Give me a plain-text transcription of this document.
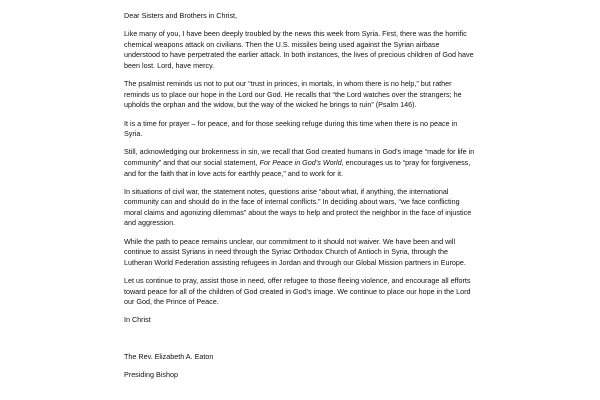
Dear Sisters and Brothers in Christ,

Like many of you, I have been deeply troubled by the news this week from Syria. First, there was the horrific chemical weapons attack on civilians. Then the U.S. missiles being used against the Syrian airbase understood to have perpetrated the earlier attack. In both instances, the lives of precious children of God have been lost. Lord, have mercy.

The psalmist reminds us not to put our “trust in princes, in mortals, in whom there is no help,” but rather reminds us to place our hope in the Lord our God. He recalls that “the Lord watches over the strangers; he upholds the orphan and the widow, but the way of the wicked he brings to ruin” (Psalm 146).

It is a time for prayer – for peace, and for those seeking refuge during this time when there is no peace in Syria.

Still, acknowledging our brokenness in sin, we recall that God created humans in God’s image “made for life in community” and that our social statement, For Peace in God’s World, encourages us to “pray for forgiveness, and for the faith that in love acts for earthly peace,” and to work for it.

In situations of civil war, the statement notes, questions arise “about what, if anything, the international community can and should do in the face of internal conflicts.” In deciding about wars, “we face conflicting moral claims and agonizing dilemmas” about the ways to help and protect the neighbor in the face of injustice and aggression.

While the path to peace remains unclear, our commitment to it should not waiver. We have been and will continue to assist Syrians in need through the Syriac Orthodox Church of Antioch in Syria, through the Lutheran World Federation assisting refugees in Jordan and through our Global Mission partners in Europe.

Let us continue to pray, assist those in need, offer refugee to those fleeing violence, and encourage all efforts toward peace for all of the children of God created in God’s image. We continue to place our hope in the Lord our God, the Prince of Peace.

In Christ

The Rev. Elizabeth A. Eaton

Presiding Bishop
